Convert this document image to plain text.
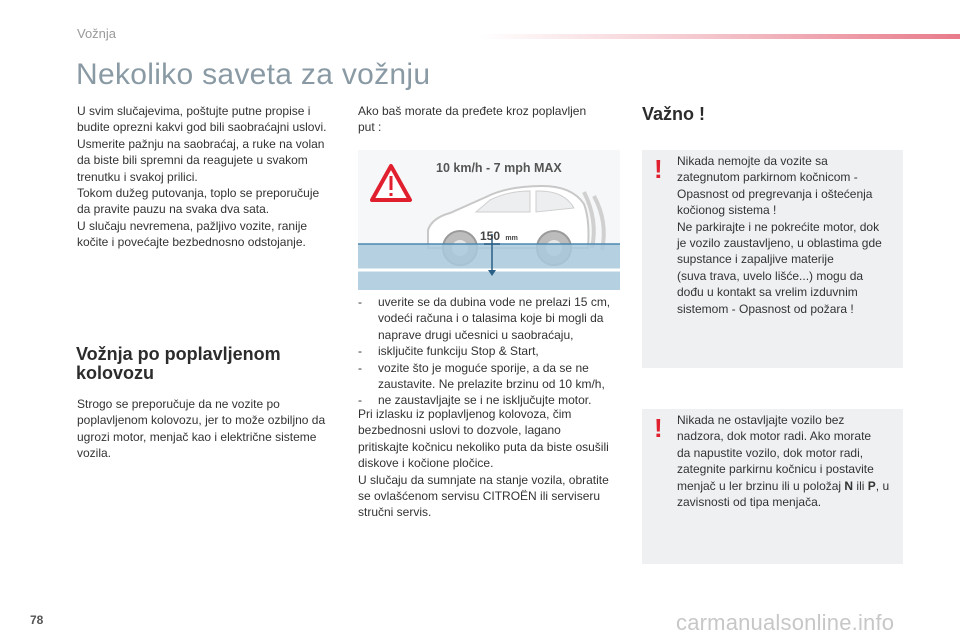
Vožnja
Nekoliko saveta za vožnju

U svim slučajevima, poštujte putne propise i

budite oprezni kakvi god bili saobraćajni uslovi.

Usmerite pažnju na saobraćaj, a ruke na volan

da biste bili spremni da reagujete u svakom

trenutku i svakoj prilici.

Tokom dužeg putovanja, toplo se preporučuje

da pravite pauzu na svaka dva sata.

U slučaju nevremena, pažljivo vozite, ranije

kočite i povećajte bezbednosno odstojanje.

Vožnja po poplavljenom
kolovozu

Strogo se preporučuje da ne vozite po

poplavljenom kolovozu, jer to može ozbiljno da

ugrozi motor, menjač kao i električne sisteme

vozila.

Ako baš morate da pređete kroz poplavljen

put :

10 km/h - 7 mph MAX
150 mm
- uverite se da dubina vode ne prelazi 15 cm,
vodeći računa i o talasima koje bi mogli da
naprave drugi učesnici u saobraćaju,
- isključite funkciju Stop & Start,
- vozite što je moguće sporije, a da se ne
zaustavite. Ne prelazite brzinu od 10 km/h,
- ne zaustavljajte se i ne isključujte motor.

Pri izlasku iz poplavljenog kolovoza, čim

bezbednosni uslovi to dozvole, lagano

pritiskajte kočnicu nekoliko puta da biste osušili

diskove i kočione pločice.

U slučaju da sumnjate na stanje vozila, obratite

se ovlašćenom servisu CITROËN ili serviseru

stručni servis.

Važno !
! Nikada nemojte da vozite sa

zategnutom parkirnom kočnicom -

Opasnost od pregrevanja i oštećenja

kočionog sistema !

Ne parkirajte i ne pokrećite motor, dok

je vozilo zaustavljeno, u oblastima gde

supstance i zapaljive materije

(suva trava, uvelo lišće...) mogu da

dođu u kontakt sa vrelim izduvnim

sistemom - Opasnost od požara !

! Nikada ne ostavljajte vozilo bez

nadzora, dok motor radi. Ako morate

da napustite vozilo, dok motor radi,

zategnite parkirnu kočnicu i postavite

menjač u ler brzinu ili u položaj N ili P, u

zavisnosti od tipa menjača.

78	carmanualsonline.info
